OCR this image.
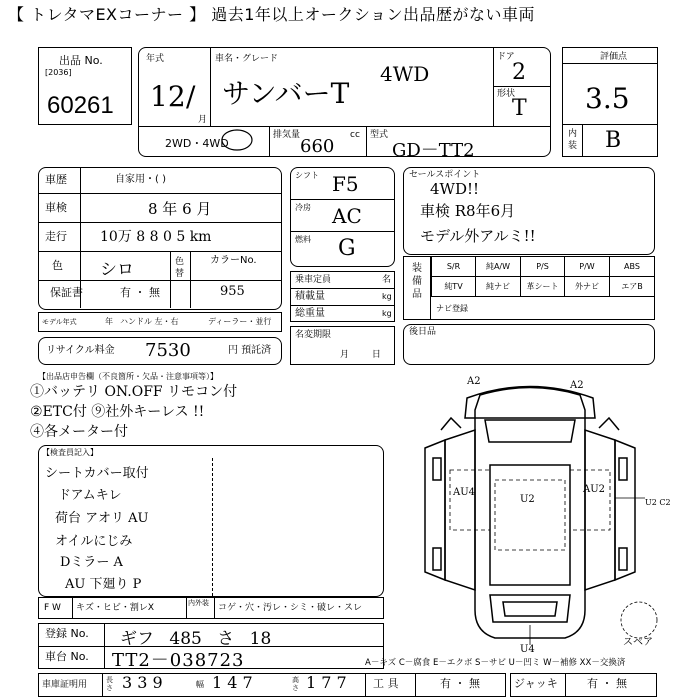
【 トレタマEXコーナー 】 過去1年以上オークション出品歴がない車両
出品 No.
[2036]
60261
年式
12 /
月
車名・グレード
サンバーT
4WD
ドア
2
形状
T
2WD・4WD
排気量
660
cc 型式
GD－TT2
評価点
3.5
内装 B
車歴	自家用・( )
車検	8 年 6 月
走行 10万 8 8 0 5 km
色 シロ	色替
カラーNo.
保証書	有 ・ 無	955
モデル年式	年 ハンドル 左・右	ディーラー・並行
リサイクル料金 7530	円 預託済
シフト F5
冷房 AC
燃料 G
乗車定員	名
積載量	kg
総重量	kg
名変期限
月 日
セールスポイント
4WD!!
車検 R8年6月
モデル外アルミ!!
装備品
S/R	純A/W	P/S	P/W	ABS
純TV	純ナビ	革シート	外ナビ	エアB
ナビ登録
後日品
【出品店申告欄（不良箇所・欠品・注意事項等）】
①バッテリ ON.OFF リモコン付
②ETC付 ⑨社外キーレス !!
④各メーター付
【検査員記入】
シートカバー取付
ドアムキレ
荷台 アオリ AU
オイルにじみ
Dミラー A
AU 下廻り P
F W キズ・ヒビ・割レX	内外装	コゲ・穴・汚レ・シミ・破レ・スレ
登録 No. ギフ 485 さ 18
車台 No. TT2－038723
車庫証明用	長さ 3 3 9	幅 1 4 7	高さ 1 7 7 工 具	有 ・ 無	ジャッキ	有 ・ 無
A2	A2
AU4
U2
AU2
U2 C2
U4
スペア
A－キズ C－腐食 E－エクボ S－サビ U－凹ミ W－補修 XX－交換済
